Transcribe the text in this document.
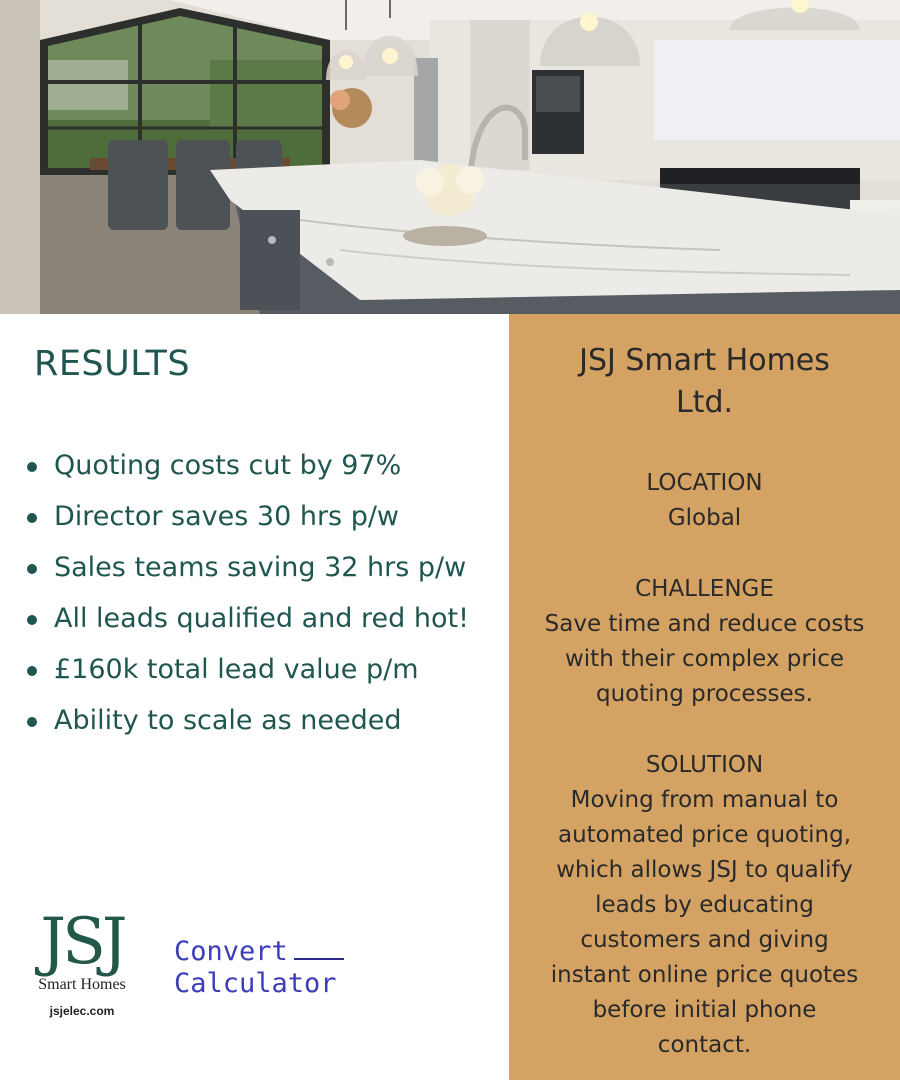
RESULTS
Quoting costs cut by 97%
Director saves 30 hrs p/w
Sales teams saving 32 hrs p/w
All leads qualified and red hot!
£160k total lead value p/m
Ability to scale as needed
JSJ
Smart Homes
jsjelec.com
Convert
Calculator
JSJ Smart Homes
Ltd.
LOCATION
Global
CHALLENGE
Save time and reduce costs
with their complex price
quoting processes.
SOLUTION
Moving from manual to
automated price quoting,
which allows JSJ to qualify
leads by educating
customers and giving
instant online price quotes
before initial phone
contact.
